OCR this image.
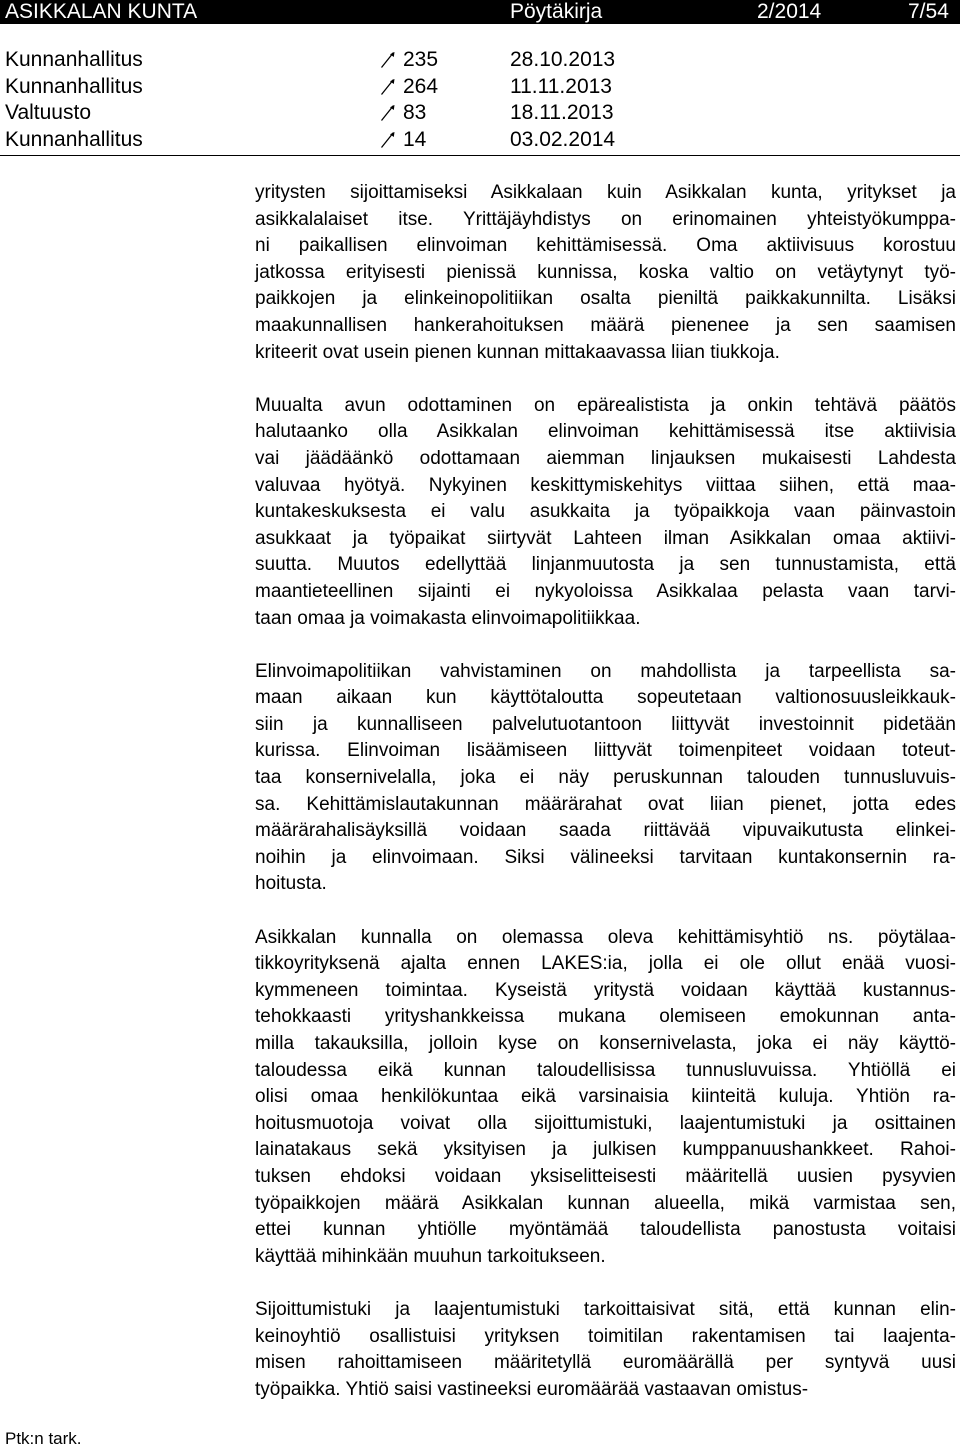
ASIKKALAN KUNTA	Pöytäkirja	2/2014	7/54
Kunnanhallitus	235	28.10.2013
Kunnanhallitus	264	11.11.2013
Valtuusto	83	18.11.2013
Kunnanhallitus	14	03.02.2014
yritysten sijoittamiseksi Asikkalaan kuin Asikkalan kunta, yritykset ja
asikkalalaiset itse. Yrittäjäyhdistys on erinomainen yhteistyökumppa-
ni paikallisen elinvoiman kehittämisessä. Oma aktiivisuus korostuu
jatkossa erityisesti pienissä kunnissa, koska valtio on vetäytynyt työ-
paikkojen ja elinkeinopolitiikan osalta pieniltä paikkakunnilta. Lisäksi
maakunnallisen hankerahoituksen määrä pienenee ja sen saamisen
kriteerit ovat usein pienen kunnan mittakaavassa liian tiukkoja.
Muualta avun odottaminen on epärealistista ja onkin tehtävä päätös
halutaanko olla Asikkalan elinvoiman kehittämisessä itse aktiivisia
vai jäädäänkö odottamaan aiemman linjauksen mukaisesti Lahdesta
valuvaa hyötyä. Nykyinen keskittymiskehitys viittaa siihen, että maa-
kuntakeskuksesta ei valu asukkaita ja työpaikkoja vaan päinvastoin
asukkaat ja työpaikat siirtyvät Lahteen ilman Asikkalan omaa aktiivi-
suutta. Muutos edellyttää linjanmuutosta ja sen tunnustamista, että
maantieteellinen sijainti ei nykyoloissa Asikkalaa pelasta vaan tarvi-
taan omaa ja voimakasta elinvoimapolitiikkaa.
Elinvoimapolitiikan vahvistaminen on mahdollista ja tarpeellista sa-
maan aikaan kun käyttötaloutta sopeutetaan valtionosuusleikkauk-
siin ja kunnalliseen palvelutuotantoon liittyvät investoinnit pidetään
kurissa. Elinvoiman lisäämiseen liittyvät toimenpiteet voidaan toteut-
taa konsernivelalla, joka ei näy peruskunnan talouden tunnusluvuis-
sa. Kehittämislautakunnan määrärahat ovat liian pienet, jotta edes
määrärahalisäyksillä voidaan saada riittävää vipuvaikutusta elinkei-
noihin ja elinvoimaan. Siksi välineeksi tarvitaan kuntakonsernin ra-
hoitusta.
Asikkalan kunnalla on olemassa oleva kehittämisyhtiö ns. pöytälaa-
tikkoyrityksenä ajalta ennen LAKES:ia, jolla ei ole ollut enää vuosi-
kymmeneen toimintaa. Kyseistä yritystä voidaan käyttää kustannus-
tehokkaasti yrityshankkeissa mukana olemiseen emokunnan anta-
milla takauksilla, jolloin kyse on konsernivelasta, joka ei näy käyttö-
taloudessa eikä kunnan taloudellisissa tunnusluvuissa. Yhtiöllä ei
olisi omaa henkilökuntaa eikä varsinaisia kiinteitä kuluja. Yhtiön ra-
hoitusmuotoja voivat olla sijoittumistuki, laajentumistuki ja osittainen
lainatakaus sekä yksityisen ja julkisen kumppanuushankkeet. Rahoi-
tuksen ehdoksi voidaan yksiselitteisesti määritellä uusien pysyvien
työpaikkojen määrä Asikkalan kunnan alueella, mikä varmistaa sen,
ettei kunnan yhtiölle myöntämää taloudellista panostusta voitaisi
käyttää mihinkään muuhun tarkoitukseen.
Sijoittumistuki ja laajentumistuki tarkoittaisivat sitä, että kunnan elin-
keinoyhtiö osallistuisi yrityksen toimitilan rakentamisen tai laajenta-
misen rahoittamiseen määritetyllä euromäärällä per syntyvä uusi
työpaikka. Yhtiö saisi vastineeksi euromäärää vastaavan omistus-
Ptk:n tark.
